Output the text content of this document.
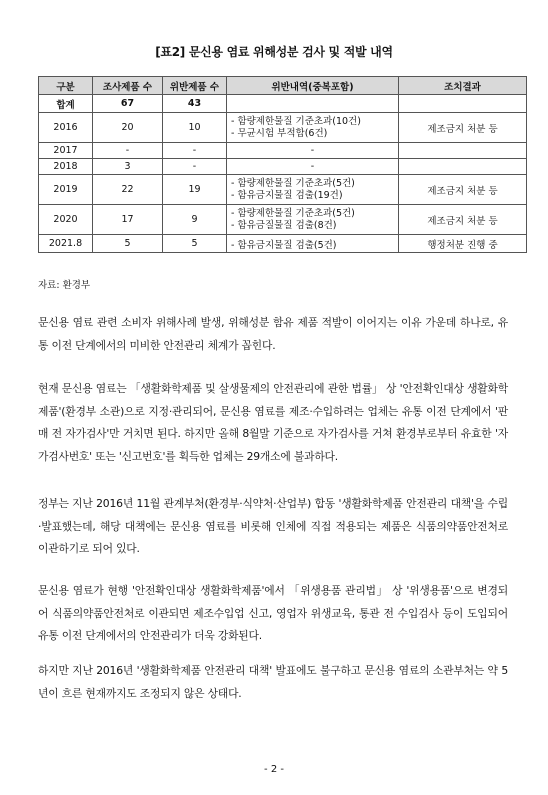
[표2] 문신용 염료 위해성분 검사 및 적발 내역
구분	조사제품 수	위반제품 수	위반내역(중복포함)	조치결과
합계	67	43		
2016	20	10	- 함량제한물질 기준초과(10건)
- 무균시험 부적합(6건)	제조금지 처분 등
2017	-	-	-	
2018	3	-	-	
2019	22	19	- 함량제한물질 기준초과(5건)
- 함유금지물질 검출(19건)	제조금지 처분 등
2020	17	9	- 함량제한물질 기준초과(5건)
- 함유금질물질 검출(8건)	제조금지 처분 등
2021.8	5	5	- 함유금지물질 검출(5건)	행정처분 진행 중
자료: 환경부

문신용 염료 관련 소비자 위해사례 발생, 위해성분 함유 제품 적발이 이어지는 이유 가운데 하나로, 유통 이전 단계에서의 미비한 안전관리 체계가 꼽힌다.

현재 문신용 염료는 「생활화학제품 및 살생물제의 안전관리에 관한 법률」 상 '안전확인대상 생활화학제품'(환경부 소관)으로 지정·관리되어, 문신용 염료를 제조·수입하려는 업체는 유통 이전 단계에서 '판매 전 자가검사'만 거치면 된다. 하지만 올해 8월말 기준으로 자가검사를 거쳐 환경부로부터 유효한 '자가검사번호' 또는 '신고번호'를 획득한 업체는 29개소에 불과하다.

정부는 지난 2016년 11월 관계부처(환경부·식약처·산업부) 합동 '생활화학제품 안전관리 대책'을 수립·발표했는데, 해당 대책에는 문신용 염료를 비롯해 인체에 직접 적용되는 제품은 식품의약품안전처로 이관하기로 되어 있다.

문신용 염료가 현행 '안전확인대상 생활화학제품'에서 「위생용품 관리법」 상 '위생용품'으로 변경되어 식품의약품안전처로 이관되면 제조수입업 신고, 영업자 위생교육, 통관 전 수입검사 등이 도입되어 유통 이전 단계에서의 안전관리가 더욱 강화된다.

하지만 지난 2016년 '생활화학제품 안전관리 대책' 발표에도 불구하고 문신용 염료의 소관부처는 약 5년이 흐른 현재까지도 조정되지 않은 상태다.

- 2 -
